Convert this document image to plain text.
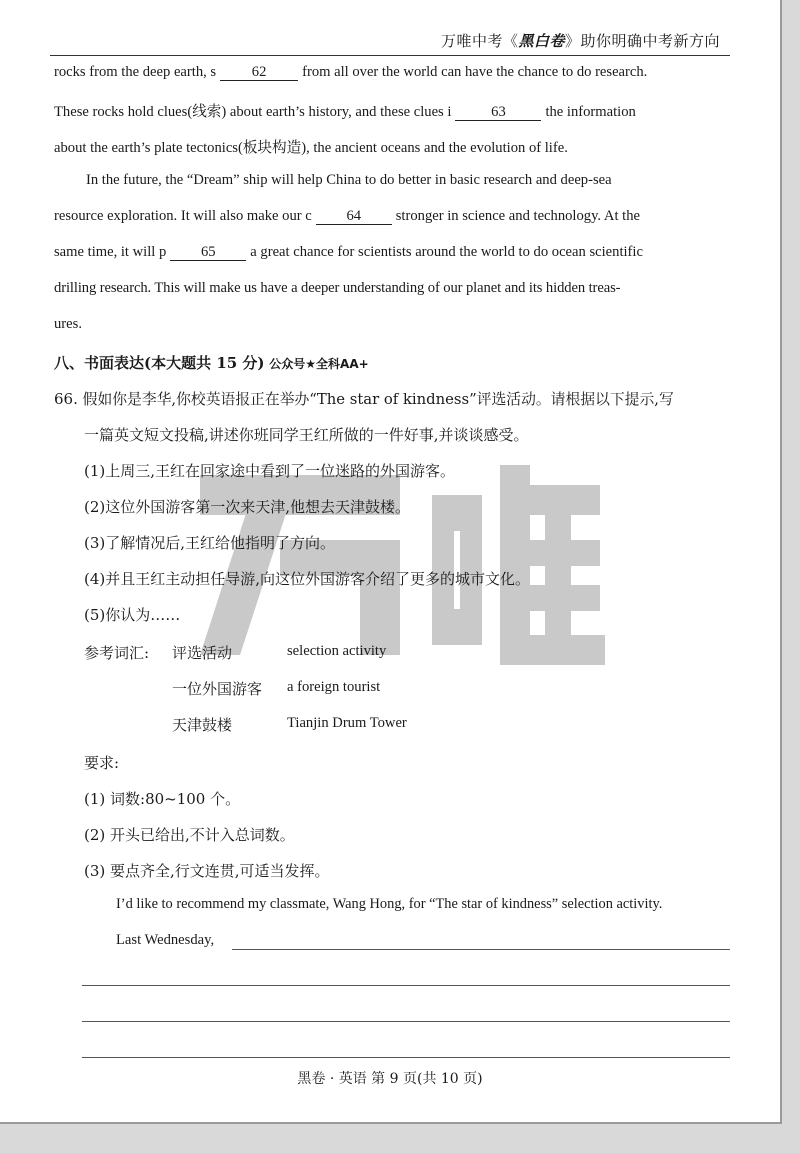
万唯中考《黑白卷》助你明确中考新方向
万唯
rocks from the deep earth, s 62 from all over the world can have the chance to do research.
These rocks hold clues(线索) about earth’s history, and these clues i	63	the information
about the earth’s plate tectonics(板块构造), the ancient oceans and the evolution of life.
In the future, the “Dream” ship will help China to do better in basic research and deep-sea
resource exploration. It will also make our c 64 stronger in science and technology. At the
same time, it will p 65 a great chance for scientists around the world to do ocean scientific
drilling research. This will make us have a deeper understanding of our planet and its hidden treas-
ures.
八、书面表达(本大题共 15 分) 公众号★全科AA+
66. 假如你是李华,你校英语报正在举办“The star of kindness”评选活动。请根据以下提示,写
一篇英文短文投稿,讲述你班同学王红所做的一件好事,并谈谈感受。
(1)上周三,王红在回家途中看到了一位迷路的外国游客。
(2)这位外国游客第一次来天津,他想去天津鼓楼。
(3)了解情况后,王红给他指明了方向。
(4)并且王红主动担任导游,向这位外国游客介绍了更多的城市文化。
(5)你认为……
参考词汇: 评选活动	selection activity
一位外国游客 a foreign tourist
天津鼓楼	Tianjin Drum Tower
要求:
(1) 词数:80~100 个。
(2) 开头已给出,不计入总词数。
(3) 要点齐全,行文连贯,可适当发挥。
I’d like to recommend my classmate, Wang Hong, for “The star of kindness” selection activity.
Last Wednesday,
黑卷 · 英语 第 9 页(共 10 页)
